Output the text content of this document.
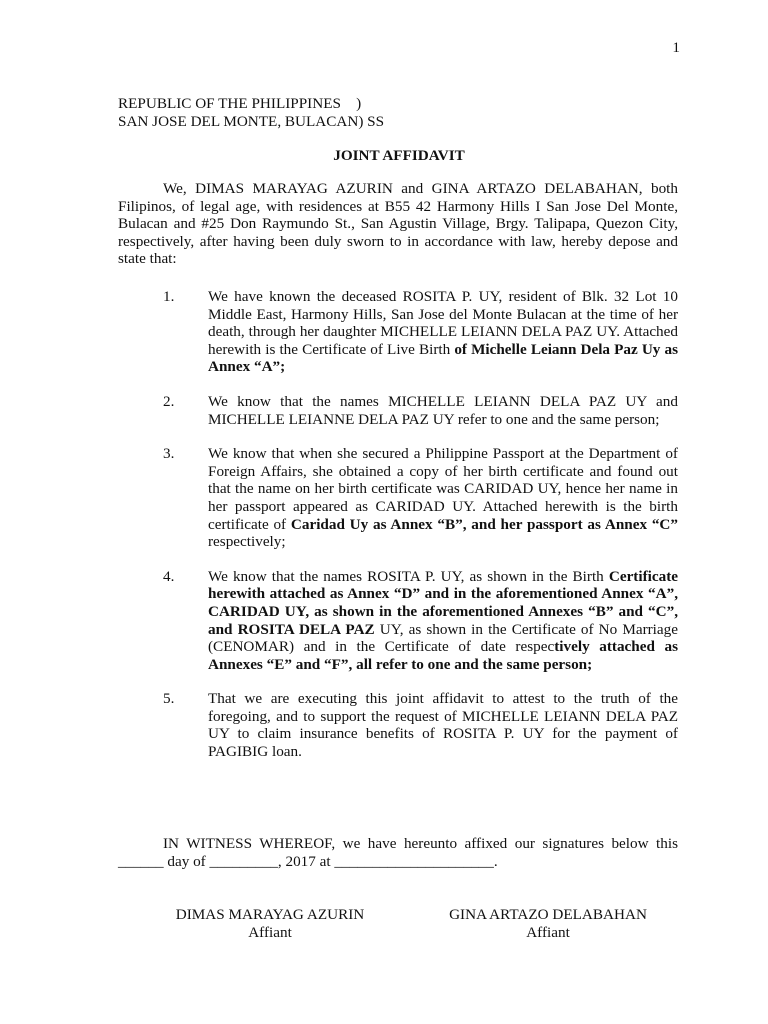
1
REPUBLIC OF THE PHILIPPINES    )
SAN JOSE DEL MONTE, BULACAN) SS
JOINT AFFIDAVIT
We, DIMAS MARAYAG AZURIN and GINA ARTAZO DELABAHAN, both Filipinos, of legal age, with residences at B55 42 Harmony Hills I San Jose Del Monte, Bulacan and #25 Don Raymundo St., San Agustin Village, Brgy. Talipapa, Quezon City, respectively, after having been duly sworn to in accordance with law, hereby depose and state that:
1. We have known the deceased ROSITA P. UY, resident of Blk. 32 Lot 10 Middle East, Harmony Hills, San Jose del Monte Bulacan at the time of her death, through her daughter MICHELLE LEIANN DELA PAZ UY. Attached herewith is the Certificate of Live Birth of Michelle Leiann Dela Paz Uy as Annex “A”;
2. We know that the names MICHELLE LEIANN DELA PAZ UY and MICHELLE LEIANNE DELA PAZ UY refer to one and the same person;
3. We know that when she secured a Philippine Passport at the Department of Foreign Affairs, she obtained a copy of her birth certificate and found out that the name on her birth certificate was CARIDAD UY, hence her name in her passport appeared as CARIDAD UY. Attached herewith is the birth certificate of Caridad Uy as Annex “B”, and her passport as Annex “C” respectively;
4. We know that the names ROSITA P. UY, as shown in the Birth Certificate herewith attached as Annex “D” and in the aforementioned Annex “A”, CARIDAD UY, as shown in the aforementioned Annexes “B” and “C”, and ROSITA DELA PAZ UY, as shown in the Certificate of No Marriage (CENOMAR) and in the Certificate of date respectively attached as Annexes “E” and “F”, all refer to one and the same person;
5. That we are executing this joint affidavit to attest to the truth of the foregoing, and to support the request of MICHELLE LEIANN DELA PAZ UY to claim insurance benefits of ROSITA P. UY for the payment of PAGIBIG loan.
IN WITNESS WHEREOF, we have hereunto affixed our signatures below this ______ day of _________, 2017 at _____________________.
DIMAS MARAYAG AZURIN
Affiant
GINA ARTAZO DELABAHAN
Affiant
